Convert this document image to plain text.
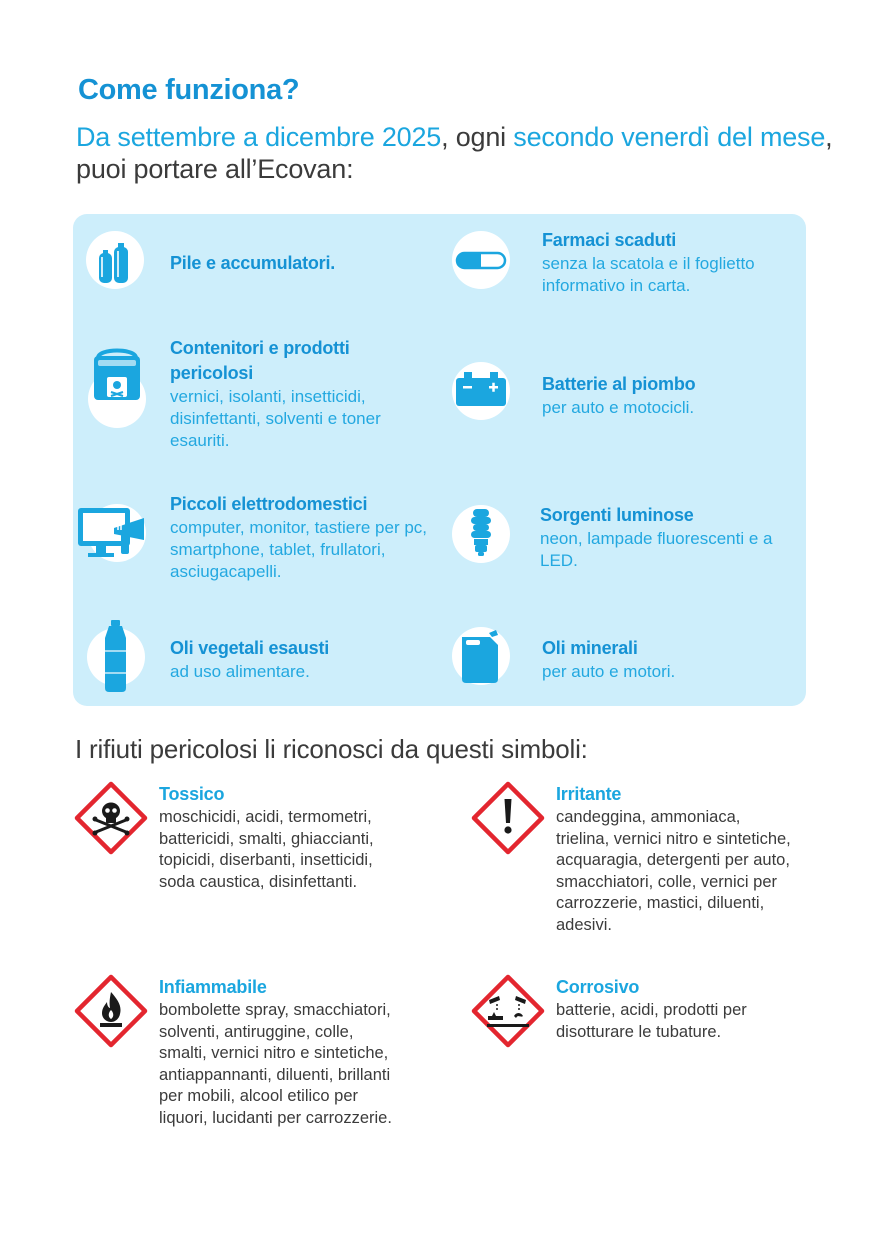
Come funziona?
Da settembre a dicembre 2025, ogni secondo venerdì del mese, puoi portare all’Ecovan:
Pile e accumulatori.
Farmaci scaduti
senza la scatola e il foglietto informativo in carta.
Contenitori e prodotti pericolosi
vernici, isolanti, insetticidi, disinfettanti, solventi e toner esauriti.
Batterie al piombo
per auto e motocicli.
Piccoli elettrodomestici
computer, monitor, tastiere per pc, smartphone, tablet, frullatori, asciugacapelli.
Sorgenti luminose
neon, lampade fluorescenti e a LED.
Oli vegetali esausti
ad uso alimentare.
Oli minerali
per auto e motori.
I rifiuti pericolosi li riconosci da questi simboli:
Tossico
moschicidi, acidi, termometri, battericidi, smalti, ghiaccianti, topicidi, diserbanti, insetticidi, soda caustica, disinfettanti.
Irritante
candeggina, ammoniaca, trielina, vernici nitro e sintetiche, acquaragia, detergenti per auto, smacchiatori, colle, vernici per carrozzerie, mastici, diluenti, adesivi.
Infiammabile
bombolette spray, smacchiatori, solventi, antiruggine, colle, smalti, vernici nitro e sintetiche, antiappannanti, diluenti, brillanti per mobili, alcool etilico per liquori, lucidanti per carrozzerie.
Corrosivo
batterie, acidi, prodotti per disotturare le tubature.
